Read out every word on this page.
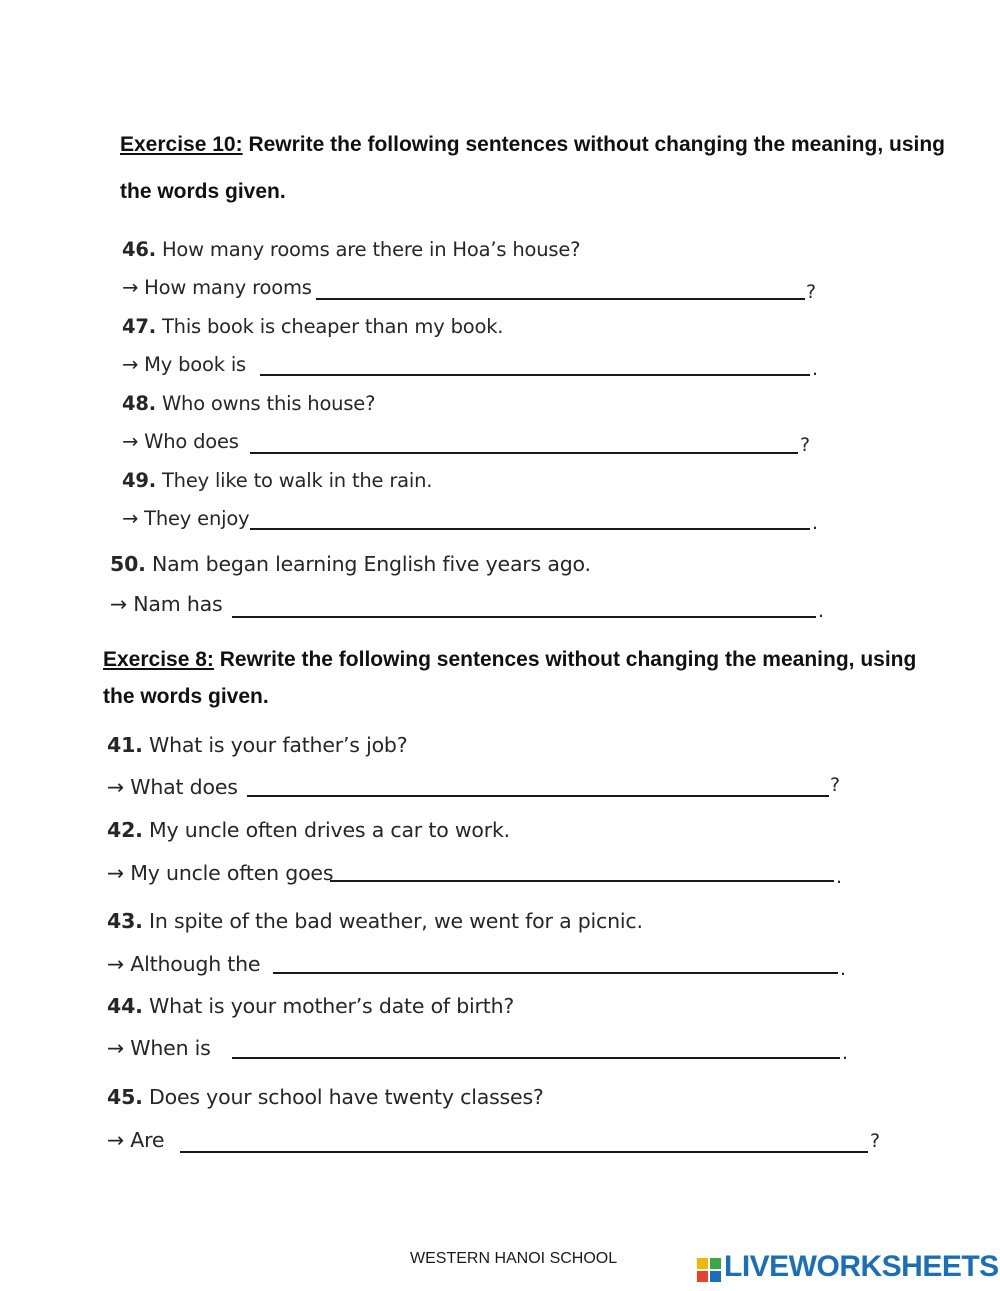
Exercise 10: Rewrite the following sentences without changing the meaning, using
the words given.
46. How many rooms are there in Hoa’s house?
→ How many rooms	?
47. This book is cheaper than my book.
→ My book is	.
48. Who owns this house?
→ Who does	?
49. They like to walk in the rain.
→ They enjoy	.
50. Nam began learning English five years ago.
→ Nam has	.
Exercise 8: Rewrite the following sentences without changing the meaning, using
the words given.
41. What is your father’s job?
→ What does	?
42. My uncle often drives a car to work.
→ My uncle often goes	.
43. In spite of the bad weather, we went for a picnic.
→ Although the	.
44. What is your mother’s date of birth?
→ When is	.
45. Does your school have twenty classes?
→ Are	?
WESTERN HANOI SCHOOL	LIVEWORKSHEETS
